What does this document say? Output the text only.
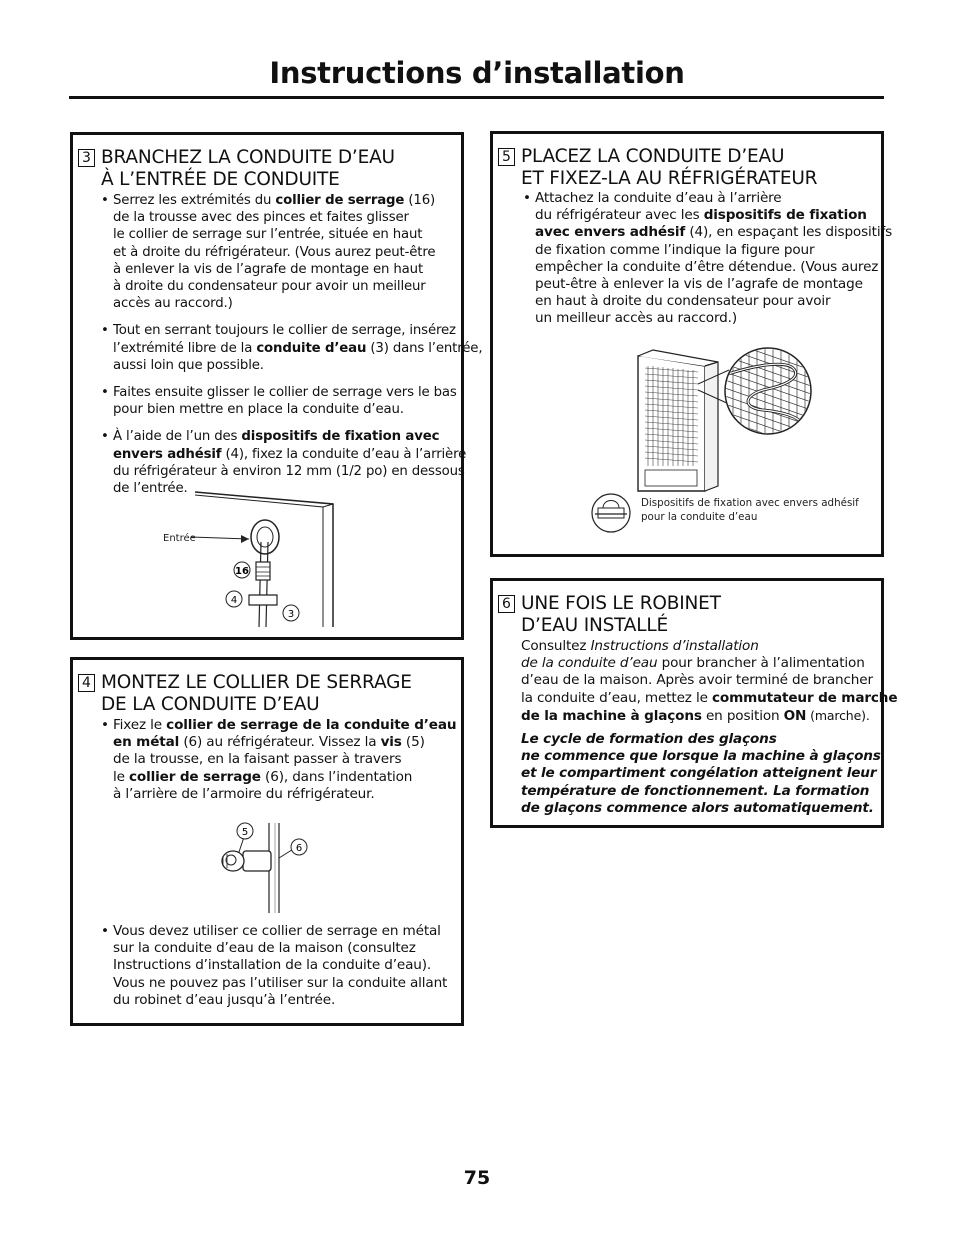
Instructions d’installation
3 BRANCHEZ LA CONDUITE D’EAU
À L’ENTRÉE DE CONDUITE
• Serrez les extrémités du collier de serrage (16)
de la trousse avec des pinces et faites glisser
le collier de serrage sur l’entrée, située en haut
et à droite du réfrigérateur. (Vous aurez peut-être
à enlever la vis de l’agrafe de montage en haut
à droite du condensateur pour avoir un meilleur
accès au raccord.)
• Tout en serrant toujours le collier de serrage, insérez
l’extrémité libre de la conduite d’eau (3) dans l’entrée,
aussi loin que possible.
• Faites ensuite glisser le collier de serrage vers le bas
pour bien mettre en place la conduite d’eau.
• À l’aide de l’un des dispositifs de fixation avec
envers adhésif (4), fixez la conduite d’eau à l’arrière
du réfrigérateur à environ 12 mm (1/2 po) en dessous
de l’entrée.
Entrée
16
4
3
4 MONTEZ LE COLLIER DE SERRAGE
DE LA CONDUITE D’EAU
• Fixez le collier de serrage de la conduite d’eau
en métal (6) au réfrigérateur. Vissez la vis (5)
de la trousse, en la faisant passer à travers
le collier de serrage (6), dans l’indentation
à l’arrière de l’armoire du réfrigérateur.
5
6
• Vous devez utiliser ce collier de serrage en métal
sur la conduite d’eau de la maison (consultez
Instructions d’installation de la conduite d’eau).
Vous ne pouvez pas l’utiliser sur la conduite allant
du robinet d’eau jusqu’à l’entrée.
5 PLACEZ LA CONDUITE D’EAU
ET FIXEZ-LA AU RÉFRIGÉRATEUR
• Attachez la conduite d’eau à l’arrière
du réfrigérateur avec les dispositifs de fixation
avec envers adhésif (4), en espaçant les dispositifs
de fixation comme l’indique la figure pour
empêcher la conduite d’être détendue. (Vous aurez
peut-être à enlever la vis de l’agrafe de montage
en haut à droite du condensateur pour avoir
un meilleur accès au raccord.)
Dispositifs de fixation avec envers adhésif
pour la conduite d’eau
6 UNE FOIS LE ROBINET
D’EAU INSTALLÉ
Consultez Instructions d’installation
de la conduite d’eau pour brancher à l’alimentation
d’eau de la maison. Après avoir terminé de brancher
la conduite d’eau, mettez le commutateur de marche
de la machine à glaçons en position ON (marche).
Le cycle de formation des glaçons
ne commence que lorsque la machine à glaçons
et le compartiment congélation atteignent leur
température de fonctionnement. La formation
de glaçons commence alors automatiquement.
75
